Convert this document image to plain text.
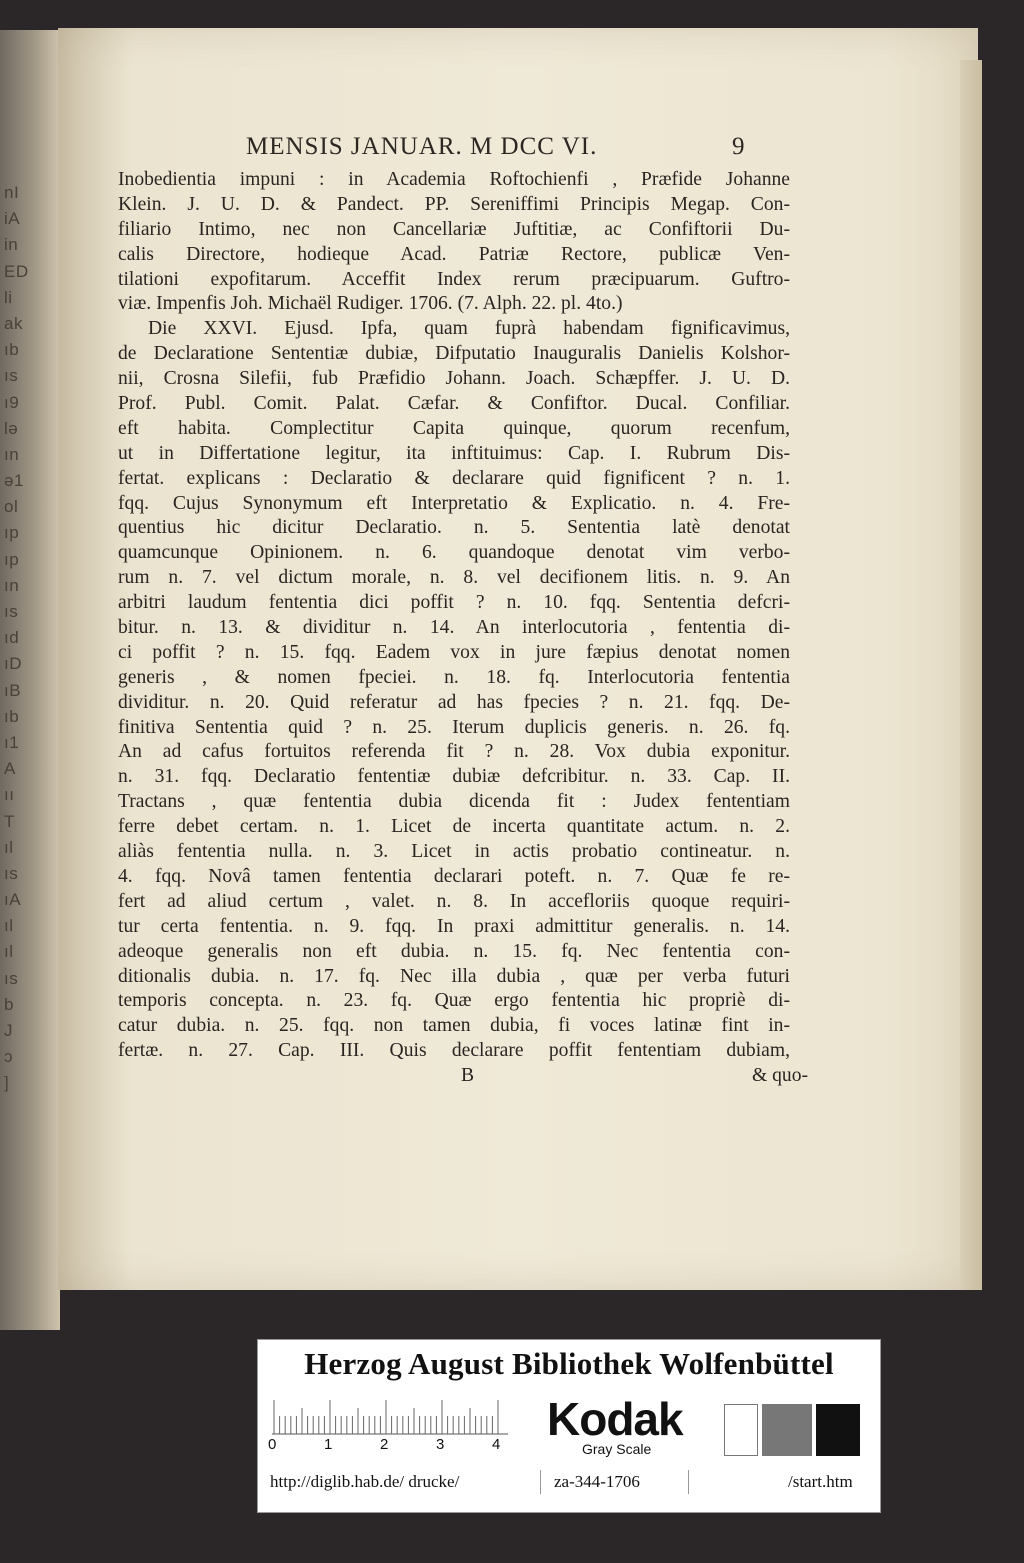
nI
iA
in
ED
li
ak
ıb
ıs
ı9
lə
ın
ə1
ol
ıp
ıp
ın
ıs
ıd
ıD
ıB
ıb
ı1
A
ıı
T
ıl
ıs
ıA
ıl
ıl
ıs
b
J
ɔ
]
MENSIS JANUAR. M DCC VI.	9
Inobedientia impuni : in Academia Roftochienfi , Præfide Johanne
Klein. J. U. D. & Pandect. PP. Sereniffimi Principis Megap. Con-
filiario Intimo, nec non Cancellariæ Juftitiæ, ac Confiftorii Du-
calis Directore, hodieque Acad. Patriæ Rectore, publicæ Ven-
tilationi expofitarum. Acceffit Index rerum præcipuarum. Guftro-
viæ. Impenfis Joh. Michaël Rudiger. 1706. (7. Alph. 22. pl. 4to.)
Die XXVI. Ejusd. Ipfa, quam fuprà habendam fignificavimus,
de Declaratione Sententiæ dubiæ, Difputatio Inauguralis Danielis Kolshor-
nii, Crosna Silefii, fub Præfidio Johann. Joach. Schæpffer. J. U. D.
Prof. Publ. Comit. Palat. Cæfar. & Confiftor. Ducal. Confiliar.
eft habita. Complectitur Capita quinque, quorum recenfum,
ut in Differtatione legitur, ita inftituimus: Cap. I. Rubrum Dis-
fertat. explicans : Declaratio & declarare quid fignificent ? n. 1.
fqq. Cujus Synonymum eft Interpretatio & Explicatio. n. 4. Fre-
quentius hic dicitur Declaratio. n. 5. Sententia latè denotat
quamcunque Opinionem. n. 6. quandoque denotat vim verbo-
rum n. 7. vel dictum morale, n. 8. vel decifionem litis. n. 9. An
arbitri laudum fententia dici poffit ? n. 10. fqq. Sententia defcri-
bitur. n. 13. & dividitur n. 14. An interlocutoria , fententia di-
ci poffit ? n. 15. fqq. Eadem vox in jure fæpius denotat nomen
generis , & nomen fpeciei. n. 18. fq. Interlocutoria fententia
dividitur. n. 20. Quid referatur ad has fpecies ? n. 21. fqq. De-
finitiva Sententia quid ? n. 25. Iterum duplicis generis. n. 26. fq.
An ad cafus fortuitos referenda fit ? n. 28. Vox dubia exponitur.
n. 31. fqq. Declaratio fententiæ dubiæ defcribitur. n. 33. Cap. II.
Tractans , quæ fententia dubia dicenda fit : Judex fententiam
ferre debet certam. n. 1. Licet de incerta quantitate actum. n. 2.
aliàs fententia nulla. n. 3. Licet in actis probatio contineatur. n.
4. fqq. Novâ tamen fententia declarari poteft. n. 7. Quæ fe re-
fert ad aliud certum , valet. n. 8. In accefloriis quoque requiri-
tur certa fententia. n. 9. fqq. In praxi admittitur generalis. n. 14.
adeoque generalis non eft dubia. n. 15. fq. Nec fententia con-
ditionalis dubia. n. 17. fq. Nec illa dubia , quæ per verba futuri
temporis concepta. n. 23. fq. Quæ ergo fententia hic propriè di-
catur dubia. n. 25. fqq. non tamen dubia, fi voces latinæ fint in-
fertæ. n. 27. Cap. III. Quis declarare poffit fententiam dubiam,
B	& quo-
Herzog August Bibliothek Wolfenbüttel
0	1	2	3	4 Kodak
Gray Scale
http://diglib.hab.de/ drucke/	za-344-1706	/start.htm
